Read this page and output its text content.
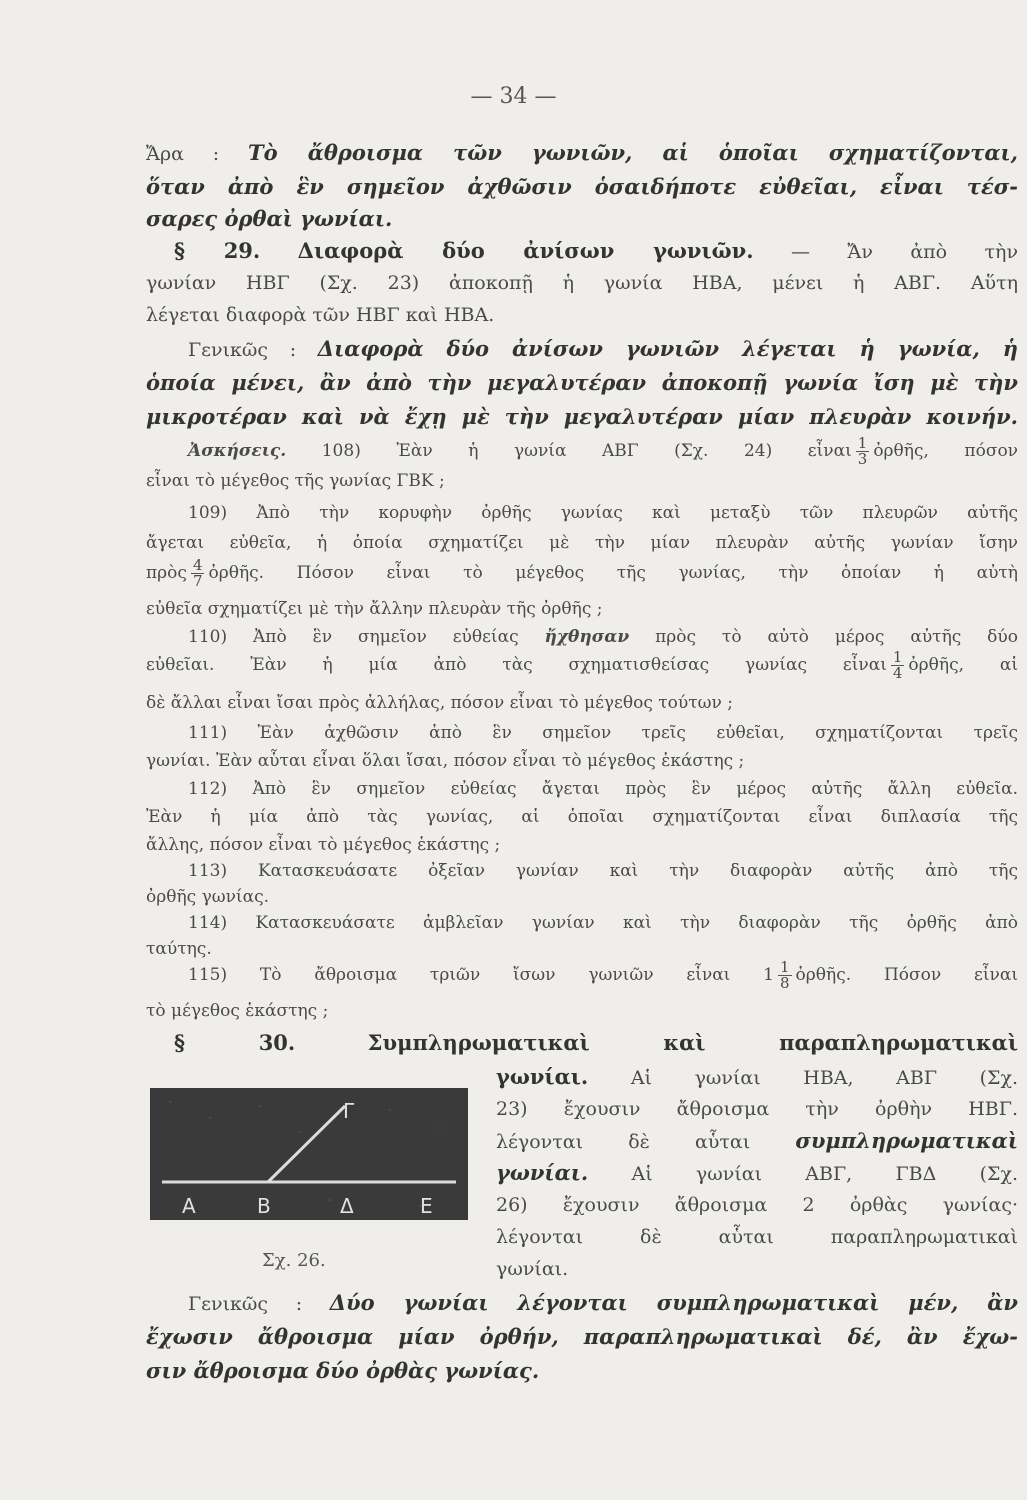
— 34 —
Ἄρα : Τὸ ἄθροισμα τῶν γωνιῶν, αἱ ὁποῖαι σχηματίζονται,
ὅταν ἀπὸ ἓν σημεῖον ἀχθῶσιν ὁσαιδήποτε εὐθεῖαι, εἶναι τέσ-
σαρες ὀρθαὶ γωνίαι.
§ 29. Διαφορὰ δύο ἀνίσων γωνιῶν. — Ἄν ἀπὸ τὴν
γωνίαν ΗΒΓ (Σχ. 23) ἀποκοπῇ ἡ γωνία ΗΒΑ, μένει ἡ ΑΒΓ. Αὕτη
λέγεται διαφορὰ τῶν ΗΒΓ καὶ ΗΒΑ.
Γενικῶς : Διαφορὰ δύο ἀνίσων γωνιῶν λέγεται ἡ γωνία, ἡ
ὁποία μένει, ἂν ἀπὸ τὴν μεγαλυτέραν ἀποκοπῇ γωνία ἴση μὲ τὴν
μικροτέραν καὶ νὰ ἔχῃ μὲ τὴν μεγαλυτέραν μίαν πλευρὰν κοινήν.
Ἀσκήσεις. 108) Ἐὰν ἡ γωνία ΑΒΓ (Σχ. 24) εἶναι $\frac{1}{3}$ ὀρθῆς, πόσον
εἶναι τὸ μέγεθος τῆς γωνίας ΓΒΚ ;
109) Ἀπὸ τὴν κορυφὴν ὀρθῆς γωνίας καὶ μεταξὺ τῶν πλευρῶν αὐτῆς
ἄγεται εὐθεῖα, ἡ ὁποία σχηματίζει μὲ τὴν μίαν πλευρὰν αὐτῆς γωνίαν ἴσην
πρὸς $\frac{4}{7}$ ὀρθῆς. Πόσον εἶναι τὸ μέγεθος τῆς γωνίας, τὴν ὁποίαν ἡ αὐτὴ
εὐθεῖα σχηματίζει μὲ τὴν ἄλλην πλευρὰν τῆς ὀρθῆς ;
110) Ἀπὸ ἓν σημεῖον εὐθείας ἤχθησαν πρὸς τὸ αὐτὸ μέρος αὐτῆς δύο
εὐθεῖαι. Ἐὰν ἡ μία ἀπὸ τὰς σχηματισθείσας γωνίας εἶναι $\frac{1}{4}$ ὀρθῆς, αἱ
δὲ ἄλλαι εἶναι ἴσαι πρὸς ἀλλήλας, πόσον εἶναι τὸ μέγεθος τούτων ;
111) Ἐὰν ἀχθῶσιν ἀπὸ ἓν σημεῖον τρεῖς εὐθεῖαι, σχηματίζονται τρεῖς
γωνίαι. Ἐὰν αὗται εἶναι ὅλαι ἴσαι, πόσον εἶναι τὸ μέγεθος ἑκάστης ;
112) Ἀπὸ ἓν σημεῖον εὐθείας ἄγεται πρὸς ἓν μέρος αὐτῆς ἄλλη εὐθεῖα.
Ἐὰν ἡ μία ἀπὸ τὰς γωνίας, αἱ ὁποῖαι σχηματίζονται εἶναι διπλασία τῆς
ἄλλης, πόσον εἶναι τὸ μέγεθος ἑκάστης ;
113) Κατασκευάσατε ὀξεῖαν γωνίαν καὶ τὴν διαφορὰν αὐτῆς ἀπὸ τῆς
ὀρθῆς γωνίας.
114) Κατασκευάσατε ἀμβλεῖαν γωνίαν καὶ τὴν διαφορὰν τῆς ὀρθῆς ἀπὸ
ταύτης.
115) Τὸ ἄθροισμα τριῶν ἴσων γωνιῶν εἶναι $1 \frac{1}{8}$ ὀρθῆς. Πόσον εἶναι
τὸ μέγεθος ἑκάστης ;
§ 30.	Συμπληρωματικαὶ καὶ παραπληρωματικαὶ
γωνίαι. Αἱ γωνίαι ΗΒΑ, ΑΒΓ (Σχ.
23) ἔχουσιν ἄθροισμα τὴν ὀρθὴν ΗΒΓ.
λέγονται δὲ αὗται συμπληρωματικαὶ
γωνίαι. Αἱ γωνίαι ΑΒΓ, ΓΒΔ (Σχ.
26) ἔχουσιν ἄθροισμα 2 ὀρθὰς γωνίας·
λέγονται δὲ αὗται παραπληρωματικαὶ
γωνίαι.
Α	Β
Γ
Δ	Ε
Σχ. 26.
Γενικῶς : Δύο γωνίαι λέγονται συμπληρωματικαὶ μέν, ἂν
ἔχωσιν ἄθροισμα μίαν ὀρθήν, παραπληρωματικαὶ δέ, ἂν ἔχω-
σιν ἄθροισμα δύο ὀρθὰς γωνίας.
